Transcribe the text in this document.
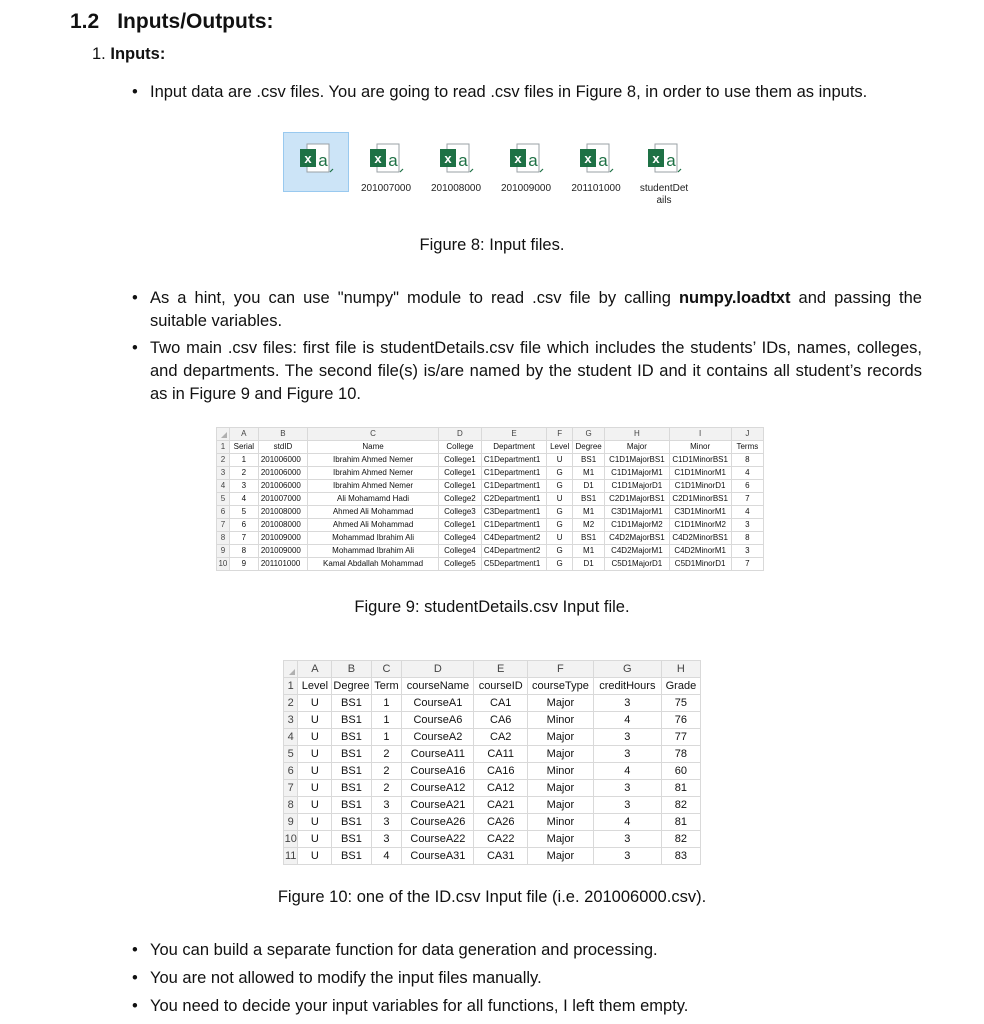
1.2 Inputs/Outputs:
1. Inputs:
• Input data are .csv files. You are going to read .csv files in Figure 8, in order to use them as inputs.
x a	x a
201007000
x a
201008000
x a
201009000
x a
201101000
x a
studentDet
ails
Figure 8: Input files.
• As a hint, you can use "numpy" module to read .csv file by calling numpy.loadtxt and passing the suitable variables.
• Two main .csv files: first file is studentDetails.csv file which includes the students’ IDs, names, colleges, and departments. The second file(s) is/are named by the student ID and it contains all student’s records as in Figure 9 and Figure 10.
	A	B	C	D	E	F	G	H	I	J
1	Serial	stdID	Name	College	Department	Level	Degree	Major	Minor	Terms
2	1	201006000	Ibrahim Ahmed Nemer	College1	C1Department1	U	BS1	C1D1MajorBS1	C1D1MinorBS1	8
3	2	201006000	Ibrahim Ahmed Nemer	College1	C1Department1	G	M1	C1D1MajorM1	C1D1MinorM1	4
4	3	201006000	Ibrahim Ahmed Nemer	College1	C1Department1	G	D1	C1D1MajorD1	C1D1MinorD1	6
5	4	201007000	Ali Mohamamd Hadi	College2	C2Department1	U	BS1	C2D1MajorBS1	C2D1MinorBS1	7
6	5	201008000	Ahmed Ali Mohammad	College3	C3Department1	G	M1	C3D1MajorM1	C3D1MinorM1	4
7	6	201008000	Ahmed Ali Mohammad	College1	C1Department1	G	M2	C1D1MajorM2	C1D1MinorM2	3
8	7	201009000	Mohammad Ibrahim Ali	College4	C4Department2	U	BS1	C4D2MajorBS1	C4D2MinorBS1	8
9	8	201009000	Mohammad Ibrahim Ali	College4	C4Department2	G	M1	C4D2MajorM1	C4D2MinorM1	3
10	9	201101000	Kamal Abdallah Mohammad	College5	C5Department1	G	D1	C5D1MajorD1	C5D1MinorD1	7
Figure 9: studentDetails.csv Input file.
	A	B	C	D	E	F	G	H
1	Level	Degree	Term	courseName	courseID	courseType	creditHours	Grade
2	U	BS1	1	CourseA1	CA1	Major	3	75
3	U	BS1	1	CourseA6	CA6	Minor	4	76
4	U	BS1	1	CourseA2	CA2	Major	3	77
5	U	BS1	2	CourseA11	CA11	Major	3	78
6	U	BS1	2	CourseA16	CA16	Minor	4	60
7	U	BS1	2	CourseA12	CA12	Major	3	81
8	U	BS1	3	CourseA21	CA21	Major	3	82
9	U	BS1	3	CourseA26	CA26	Minor	4	81
10	U	BS1	3	CourseA22	CA22	Major	3	82
11	U	BS1	4	CourseA31	CA31	Major	3	83
Figure 10: one of the ID.csv Input file (i.e. 201006000.csv).
• You can build a separate function for data generation and processing.
• You are not allowed to modify the input files manually.
• You need to decide your input variables for all functions, I left them empty.
